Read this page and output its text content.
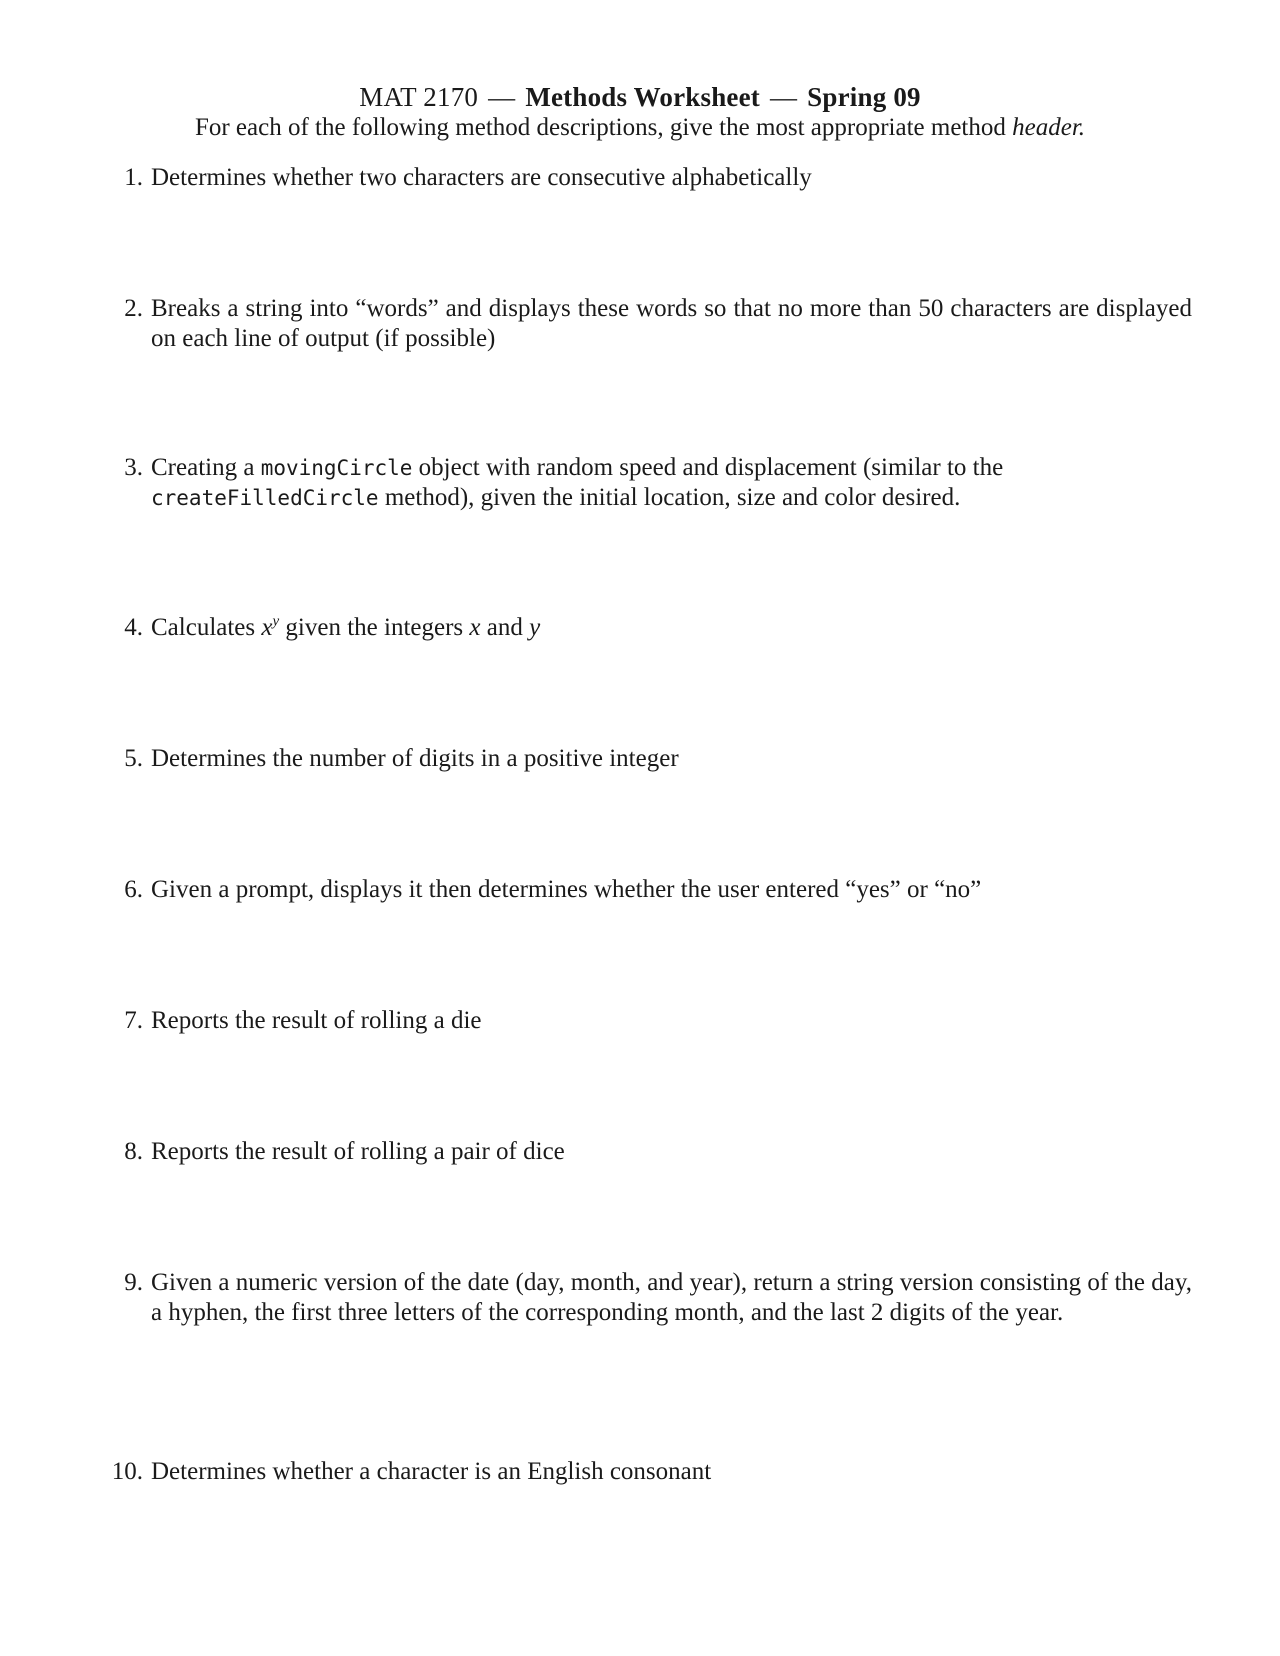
MAT 2170 — Methods Worksheet — Spring 09
For each of the following method descriptions, give the most appropriate method header.
1. Determines whether two characters are consecutive alphabetically
2. Breaks a string into “words” and displays these words so that no more than 50 characters are displayed on each line of output (if possible)
3. Creating a movingCircle object with random speed and displacement (similar to the
createFilledCircle method), given the initial location, size and color desired.
4. Calculates $x^y$ given the integers x and y
5. Determines the number of digits in a positive integer
6. Given a prompt, displays it then determines whether the user entered “yes” or “no”
7. Reports the result of rolling a die
8. Reports the result of rolling a pair of dice
9. Given a numeric version of the date (day, month, and year), return a string version consisting of the day, a hyphen, the first three letters of the corresponding month, and the last 2 digits of the year.
10. Determines whether a character is an English consonant
